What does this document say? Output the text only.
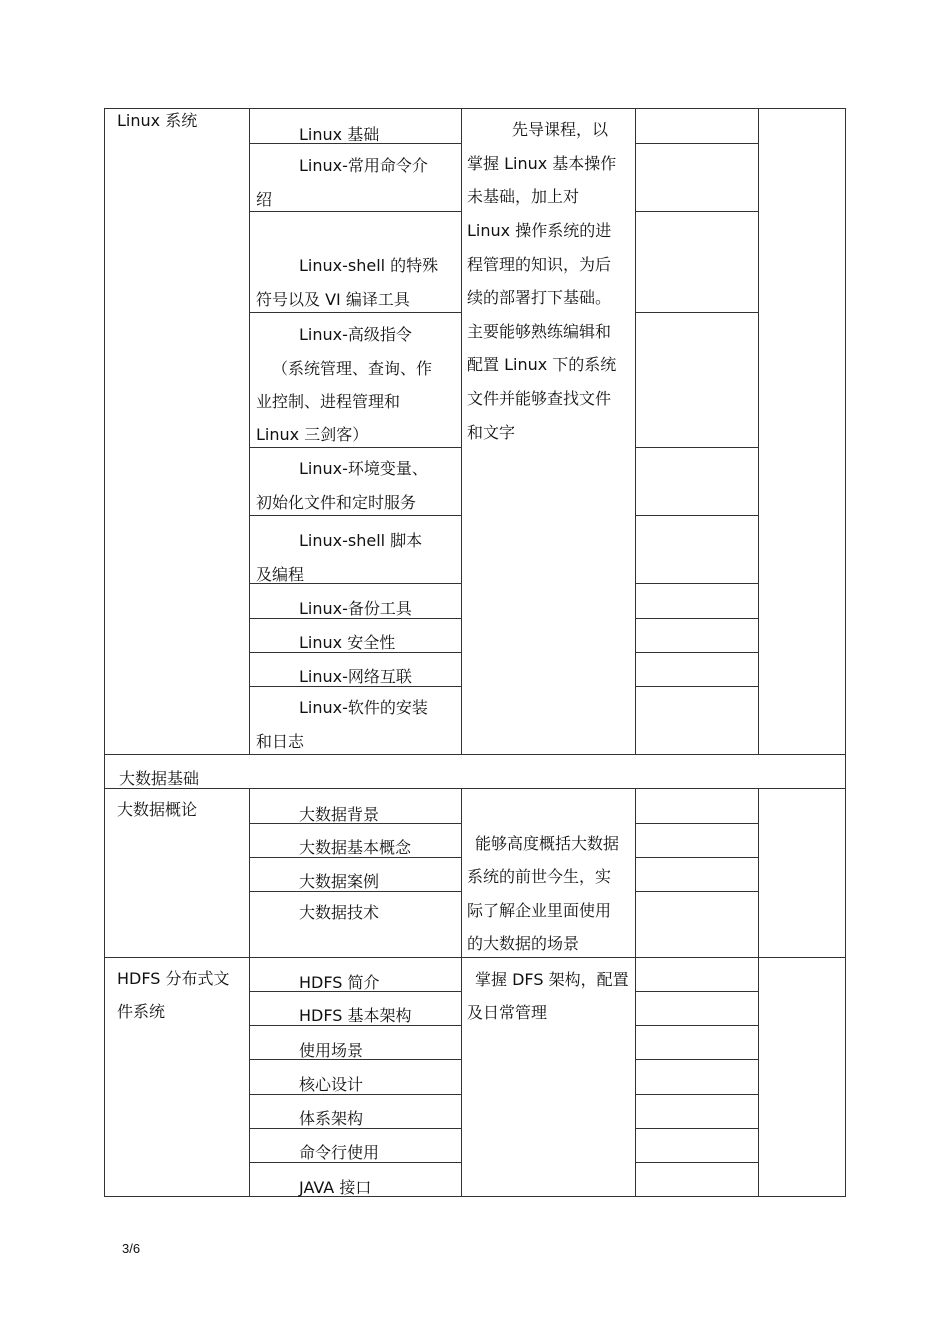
Linux 系统
Linux 基础
Linux-常用命令介
绍
Linux-shell 的特殊
符号以及 VI 编译工具
Linux-高级指令
（系统管理、查询、作
业控制、进程管理和
Linux 三剑客）
Linux-环境变量、
初始化文件和定时服务
Linux-shell 脚本
及编程
Linux-备份工具
Linux 安全性
Linux-网络互联
Linux-软件的安装
和日志
先导课程，以
掌握 Linux 基本操作
未基础，加上对
Linux 操作系统的进
程管理的知识，为后
续的部署打下基础。
主要能够熟练编辑和
配置 Linux 下的系统
文件并能够查找文件
和文字
大数据基础
大数据概论	大数据背景
大数据基本概念
大数据案例
大数据技术
能够高度概括大数据
系统的前世今生，实
际了解企业里面使用
的大数据的场景
HDFS 分布式文
件系统
HDFS 简介
HDFS 基本架构
使用场景
核心设计
体系架构
命令行使用
JAVA 接口
掌握 DFS 架构，配置
及日常管理
3/6
